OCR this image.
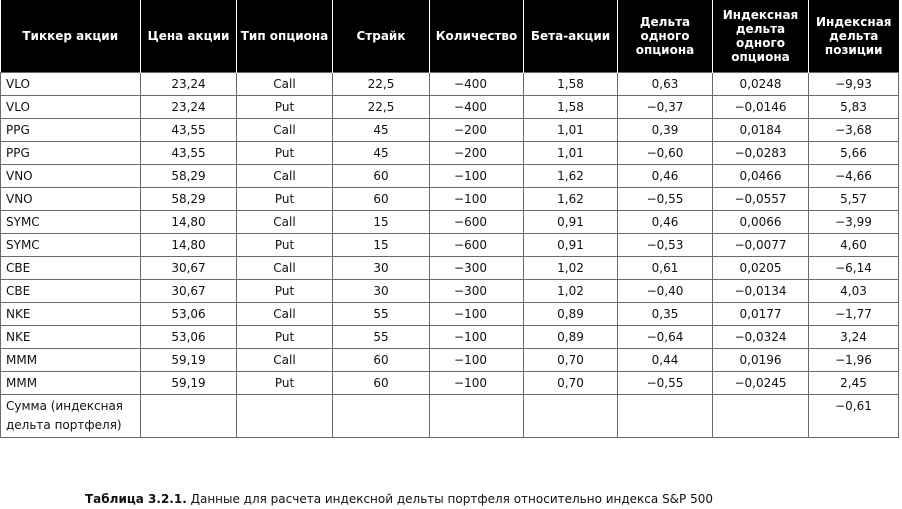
Тиккер акции	Цена акции	Тип опциона	Страйк	Количество	Бета-акции	Дельта одного опциона	Индексная дельта одного опциона	Индексная дельта позиции
VLO	23,24	Call	22,5	−400	1,58	0,63	0,0248	−9,93
VLO	23,24	Put	22,5	−400	1,58	−0,37	−0,0146	5,83
PPG	43,55	Call	45	−200	1,01	0,39	0,0184	−3,68
PPG	43,55	Put	45	−200	1,01	−0,60	−0,0283	5,66
VNO	58,29	Call	60	−100	1,62	0,46	0,0466	−4,66
VNO	58,29	Put	60	−100	1,62	−0,55	−0,0557	5,57
SYMC	14,80	Call	15	−600	0,91	0,46	0,0066	−3,99
SYMC	14,80	Put	15	−600	0,91	−0,53	−0,0077	4,60
CBE	30,67	Call	30	−300	1,02	0,61	0,0205	−6,14
CBE	30,67	Put	30	−300	1,02	−0,40	−0,0134	4,03
NKE	53,06	Call	55	−100	0,89	0,35	0,0177	−1,77
NKE	53,06	Put	55	−100	0,89	−0,64	−0,0324	3,24
MMM	59,19	Call	60	−100	0,70	0,44	0,0196	−1,96
MMM	59,19	Put	60	−100	0,70	−0,55	−0,0245	2,45
Сумма (индексная дельта портфеля)								−0,61
Таблица 3.2.1. Данные для расчета индексной дельты портфеля относительно индекса S&P 500
